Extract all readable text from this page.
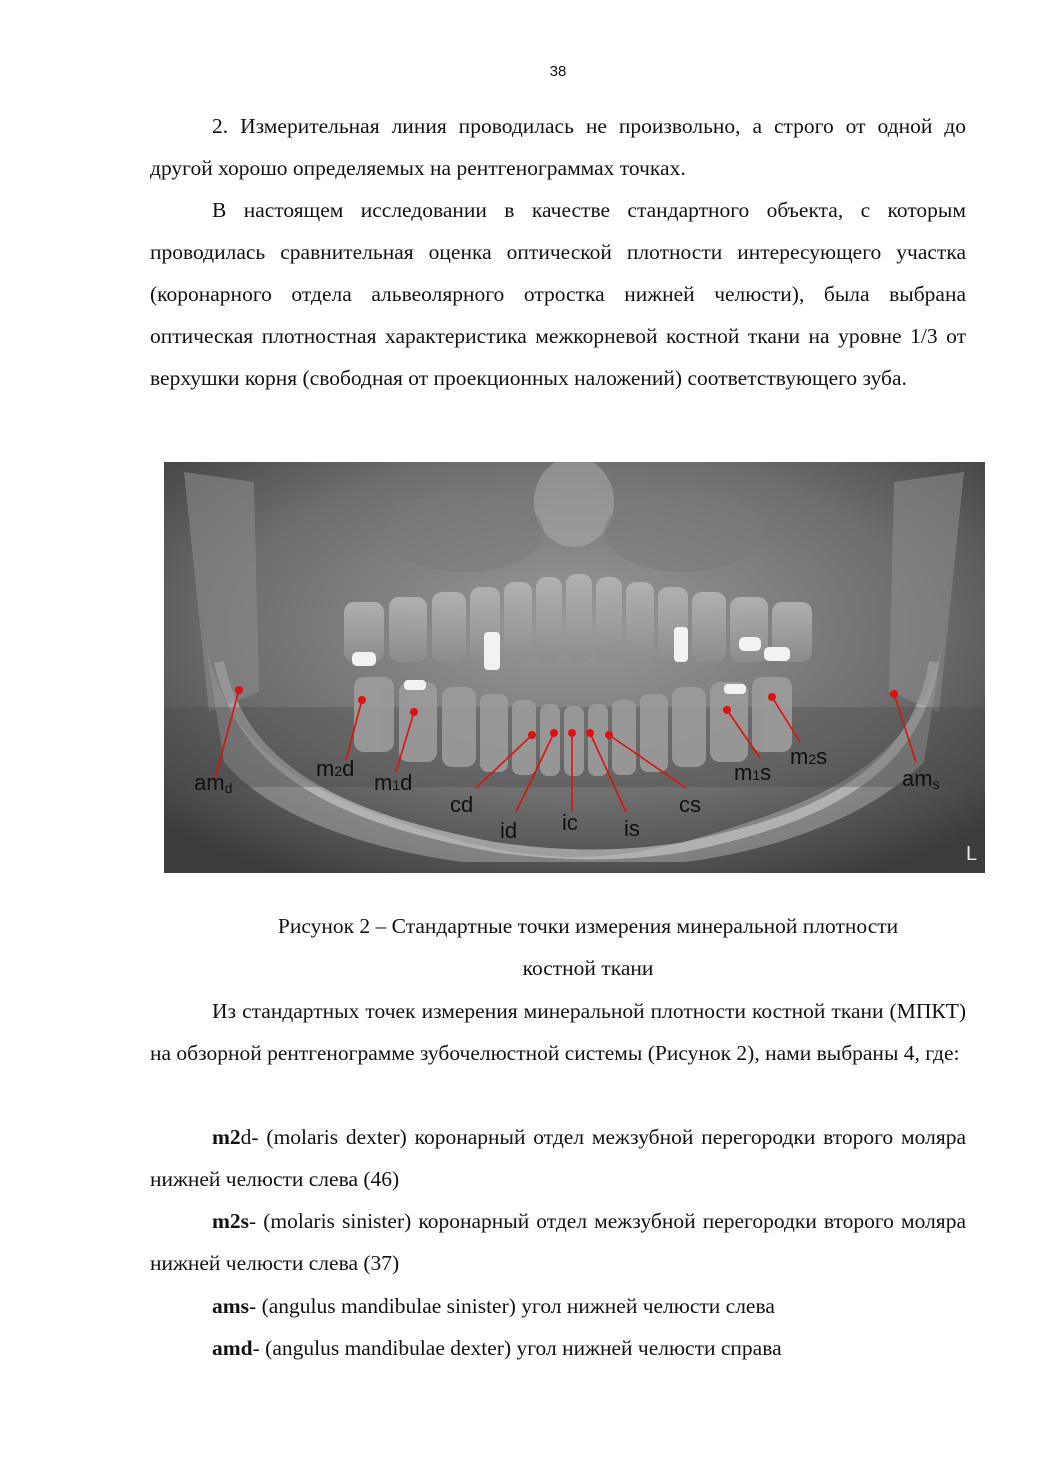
38

2. Измерительная линия проводилась не произвольно, а строго от одной до другой хорошо определяемых на рентгенограммах точках.

В настоящем исследовании в качестве стандартного объекта, с которым проводилась сравнительная оценка оптической плотности интересующего участка (коронарного отдела альвеолярного отростка нижней челюсти), была выбрана оптическая плотностная характеристика межкорневой костной ткани на уровне 1/3 от верхушки корня (свободная от проекционных наложений) соответствующего зуба.

amd
m2d
m1d
cd
id ic is
cs
m1s
m2s
ams
L

Рисунок 2 – Стандартные точки измерения минеральной плотности
костной ткани

Из стандартных точек измерения минеральной плотности костной ткани (МПКТ) на обзорной рентгенограмме зубочелюстной системы (Рисунок 2), нами выбраны 4, где:

m2d- (molaris dexter) коронарный отдел межзубной перегородки второго моляра нижней челюсти слева (46)

m2s- (molaris sinister) коронарный отдел межзубной перегородки второго моляра нижней челюсти слева (37)

ams- (angulus mandibulae sinister) угол нижней челюсти слева

amd- (angulus mandibulae dexter) угол нижней челюсти справа
